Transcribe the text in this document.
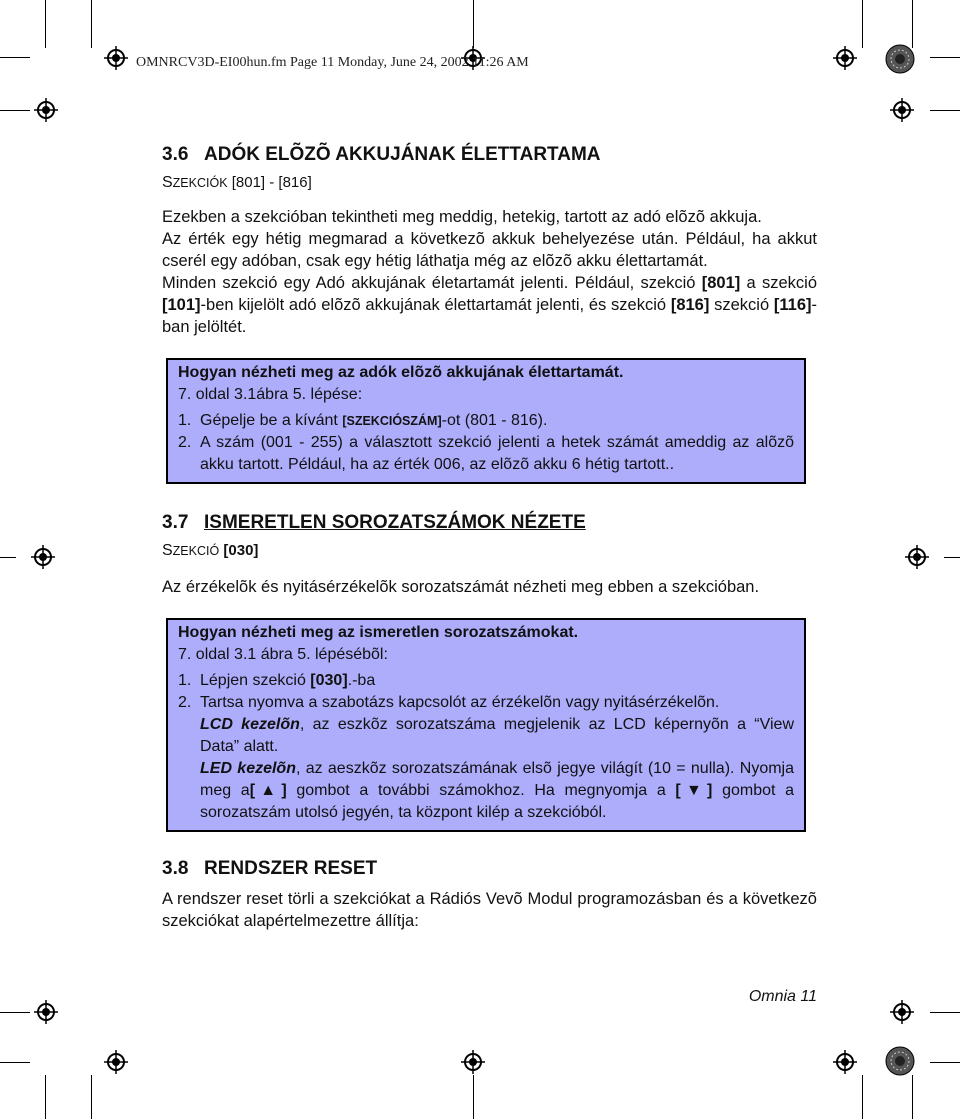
OMNRCV3D-EI00hun.fm Page 11 Monday, June 24, 2002 11:26 AM
3.6 ADÓK ELÕZÕ AKKUJÁNAK ÉLETTARTAMA
SZEKCIÓK [801] - [816]

Ezekben a szekcióban tekintheti meg meddig, hetekig, tartott az adó elõzõ akkuja.

Az érték egy hétig megmarad a következõ akkuk behelyezése után. Például, ha akkut cserél egy adóban, csak egy hétig láthatja még az elõzõ akku élettartamát.

Minden szekció egy Adó akkujának életartamát jelenti. Például, szekció [801] a szekció [101]-ben kijelölt adó elõzõ akkujának élettartamát jelenti, és szekció [816] szekció [116]-ban jelöltét.

Hogyan nézheti meg az adók elõzõ akkujának élettartamát.
7. oldal 3.1ábra 5. lépése:
1. Gépelje be a kívánt [SZEKCIÓSZÁM]-ot (801 - 816).
2. A szám (001 - 255) a választott szekció jelenti a hetek számát ameddig az alõzõ akku tartott. Például, ha az érték 006, az elõzõ akku 6 hétig tartott..
3.7 ISMERETLEN SOROZATSZÁMOK NÉZETE
SZEKCIÓ [030]

Az érzékelõk és nyitásérzékelõk sorozatszámát nézheti meg ebben a szekcióban.

Hogyan nézheti meg az ismeretlen sorozatszámokat.
7. oldal 3.1 ábra 5. lépésébõl:
1. Lépjen szekció [030].-ba
2. Tartsa nyomva a szabotázs kapcsolót az érzékelõn vagy nyitásérzékelõn.
LCD kezelõn, az eszkõz sorozatszáma megjelenik az LCD képernyõn a “View Data” alatt.
LED kezelõn, az aeszkõz sorozatszámának elsõ jegye világít (10 = nulla). Nyomja meg a[▲] gombot a további számokhoz. Ha megnyomja a [▼] gombot a sorozatszám utolsó jegyén, ta központ kilép a szekcióból.
3.8 RENDSZER RESET

A rendszer reset törli a szekciókat a Rádiós Vevõ Modul programozásban és a következõ szekciókat alapértelmezettre állítja:

Omnia 11
